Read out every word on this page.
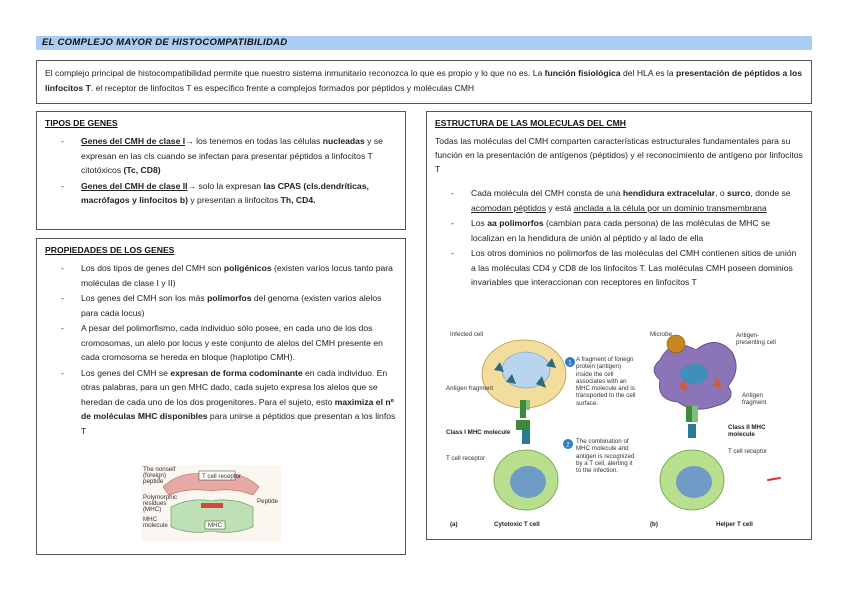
EL COMPLEJO MAYOR DE HISTOCOMPATIBILIDAD
El complejo principal de histocompatibilidad permite que nuestro sistema inmunitario reconozca lo que es propio y lo que no es. La función fisiológica del HLA es la presentación de péptidos a los linfocitos T. el receptor de linfocitos T es específico frente a complejos formados por péptidos y moléculas CMH
TIPOS DE GENES
- Genes del CMH de clase I→ los tenemos en todas las células nucleadas y se expresan en las cls cuando se infectan para presentar péptidos a linfocitos T citotóxicos (Tc, CD8)
- Genes del CMH de clase II→ solo la expresan las CPAS (cls.dendríticas, macrófagos y linfocitos b) y presentan a linfocitos Th, CD4.
PROPIEDADES DE LOS GENES
- Los dos tipos de genes del CMH son poligénicos (existen varios locus tanto para moléculas de clase I y II)
- Los genes del CMH son los más polimorfos del genoma (existen varios alelos para cada locus)
- A pesar del polimorfismo, cada individuo sólo posee, en cada uno de los dos cromosomas, un alelo por locus y este conjunto de alelos del CMH presente en cada cromosoma se hereda en bloque (haplotipo CMH).
- Los genes del CMH se expresan de forma codominante en cada individuo. En otras palabras, para un gen MHC dado, cada sujeto expresa los alelos que se heredan de cada uno de los dos progenitores. Para el sujeto, esto maximiza el nº de moléculas MHC disponibles para unirse a péptidos que presentan a los linfos T
T cell receptor
MHC
The nonself
(foreign)
peptide
Polymorphic
residues
(MHC)
MHC
molecule
Peptide
ESTRUCTURA DE LAS MOLECULAS DEL CMH

Todas las moléculas del CMH comparten características estructurales fundamentales para su función en la presentación de antígenos (péptidos) y el reconocimiento de antígeno por linfocitos T

- Cada molécula del CMH consta de una hendidura extracelular, o surco, donde se acomodan péptidos y está anclada a la célula por un dominio transmembrana
- Los aa polimorfos (cambian para cada persona) de las moléculas de MHC se localizan en la hendidura de unión al péptido y al lado de ella
- Los otros dominios no polimorfos de las moléculas del CMH contienen sitios de unión a las moléculas CD4 y CD8 de los linfocitos T. Las moléculas CMH poseen dominios invariables que interaccionan con receptores en linfocitos T
Infected cell
Antigen fragment
Class I MHC molecule
T cell receptor
Cytotoxic T cell
(a)
1
2
A fragment of foreign protein (antigen) inside the cell associates with an MHC molecule and is transported to the cell surface.
The combination of MHC molecule and antigen is recognized by a T cell, alerting it to the infection.
Microbe	Antigen-presenting cell
Antigen fragment
Class II MHC molecule
T cell receptor
Helper T cell
(b)
